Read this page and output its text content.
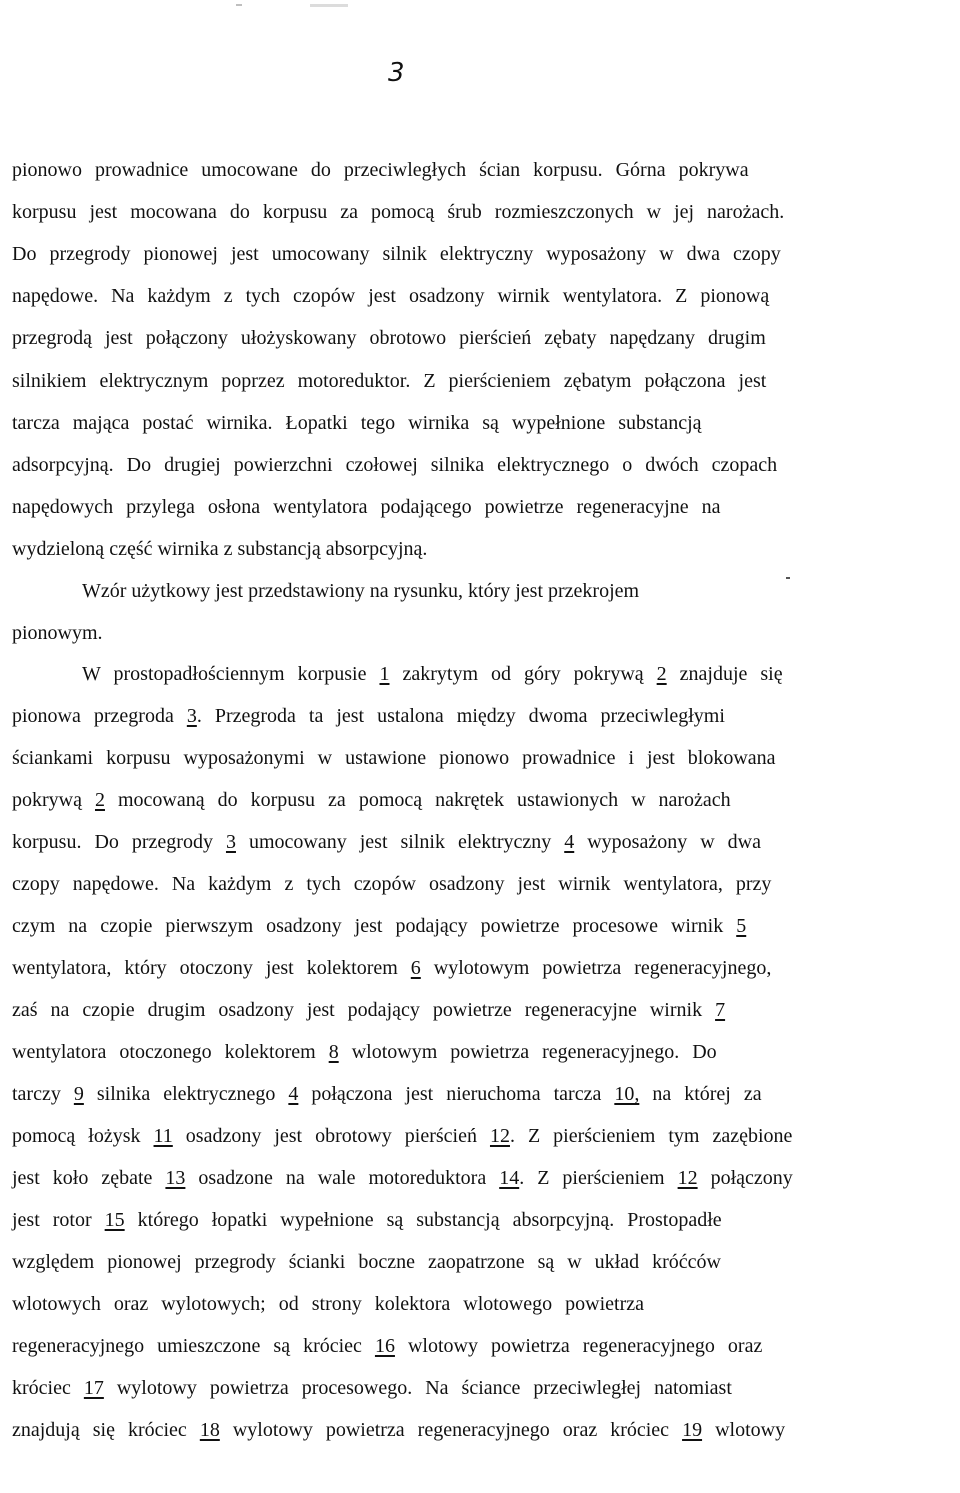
3
pionowo prowadnice umocowane do przeciwległych ścian korpusu. Górna pokrywa
korpusu jest mocowana do korpusu za pomocą śrub rozmieszczonych w jej narożach.
Do przegrody pionowej jest umocowany silnik elektryczny wyposażony w dwa czopy
napędowe. Na każdym z tych czopów jest osadzony wirnik wentylatora. Z pionową
przegrodą jest połączony ułożyskowany obrotowo pierścień zębaty napędzany drugim
silnikiem elektrycznym poprzez motoreduktor. Z pierścieniem zębatym połączona jest
tarcza mająca postać wirnika. Łopatki tego wirnika są wypełnione substancją
adsorpcyjną. Do drugiej powierzchni czołowej silnika elektrycznego o dwóch czopach
napędowych przylega osłona wentylatora podającego powietrze regeneracyjne na
wydzieloną część wirnika z substancją absorpcyjną.
Wzór użytkowy jest przedstawiony na rysunku, który jest przekrojem
pionowym.
W prostopadłościennym korpusie 1 zakrytym od góry pokrywą 2 znajduje się
pionowa przegroda 3. Przegroda ta jest ustalona między dwoma przeciwległymi
ściankami korpusu wyposażonymi w ustawione pionowo prowadnice i jest blokowana
pokrywą 2 mocowaną do korpusu za pomocą nakrętek ustawionych w narożach
korpusu. Do przegrody 3 umocowany jest silnik elektryczny 4 wyposażony w dwa
czopy napędowe. Na każdym z tych czopów osadzony jest wirnik wentylatora, przy
czym na czopie pierwszym osadzony jest podający powietrze procesowe wirnik 5
wentylatora, który otoczony jest kolektorem 6 wylotowym powietrza regeneracyjnego,
zaś na czopie drugim osadzony jest podający powietrze regeneracyjne wirnik 7
wentylatora otoczonego kolektorem 8 wlotowym powietrza regeneracyjnego. Do
tarczy 9 silnika elektrycznego 4 połączona jest nieruchoma tarcza 10, na której za
pomocą łożysk 11 osadzony jest obrotowy pierścień 12. Z pierścieniem tym zazębione
jest koło zębate 13 osadzone na wale motoreduktora 14. Z pierścieniem 12 połączony
jest rotor 15 którego łopatki wypełnione są substancją absorpcyjną. Prostopadłe
względem pionowej przegrody ścianki boczne zaopatrzone są w układ króćców
wlotowych oraz wylotowych; od strony kolektora wlotowego powietrza
regeneracyjnego umieszczone są króciec 16 wlotowy powietrza regeneracyjnego oraz
króciec 17 wylotowy powietrza procesowego. Na ściance przeciwległej natomiast
znajdują się króciec 18 wylotowy powietrza regeneracyjnego oraz króciec 19 wlotowy
